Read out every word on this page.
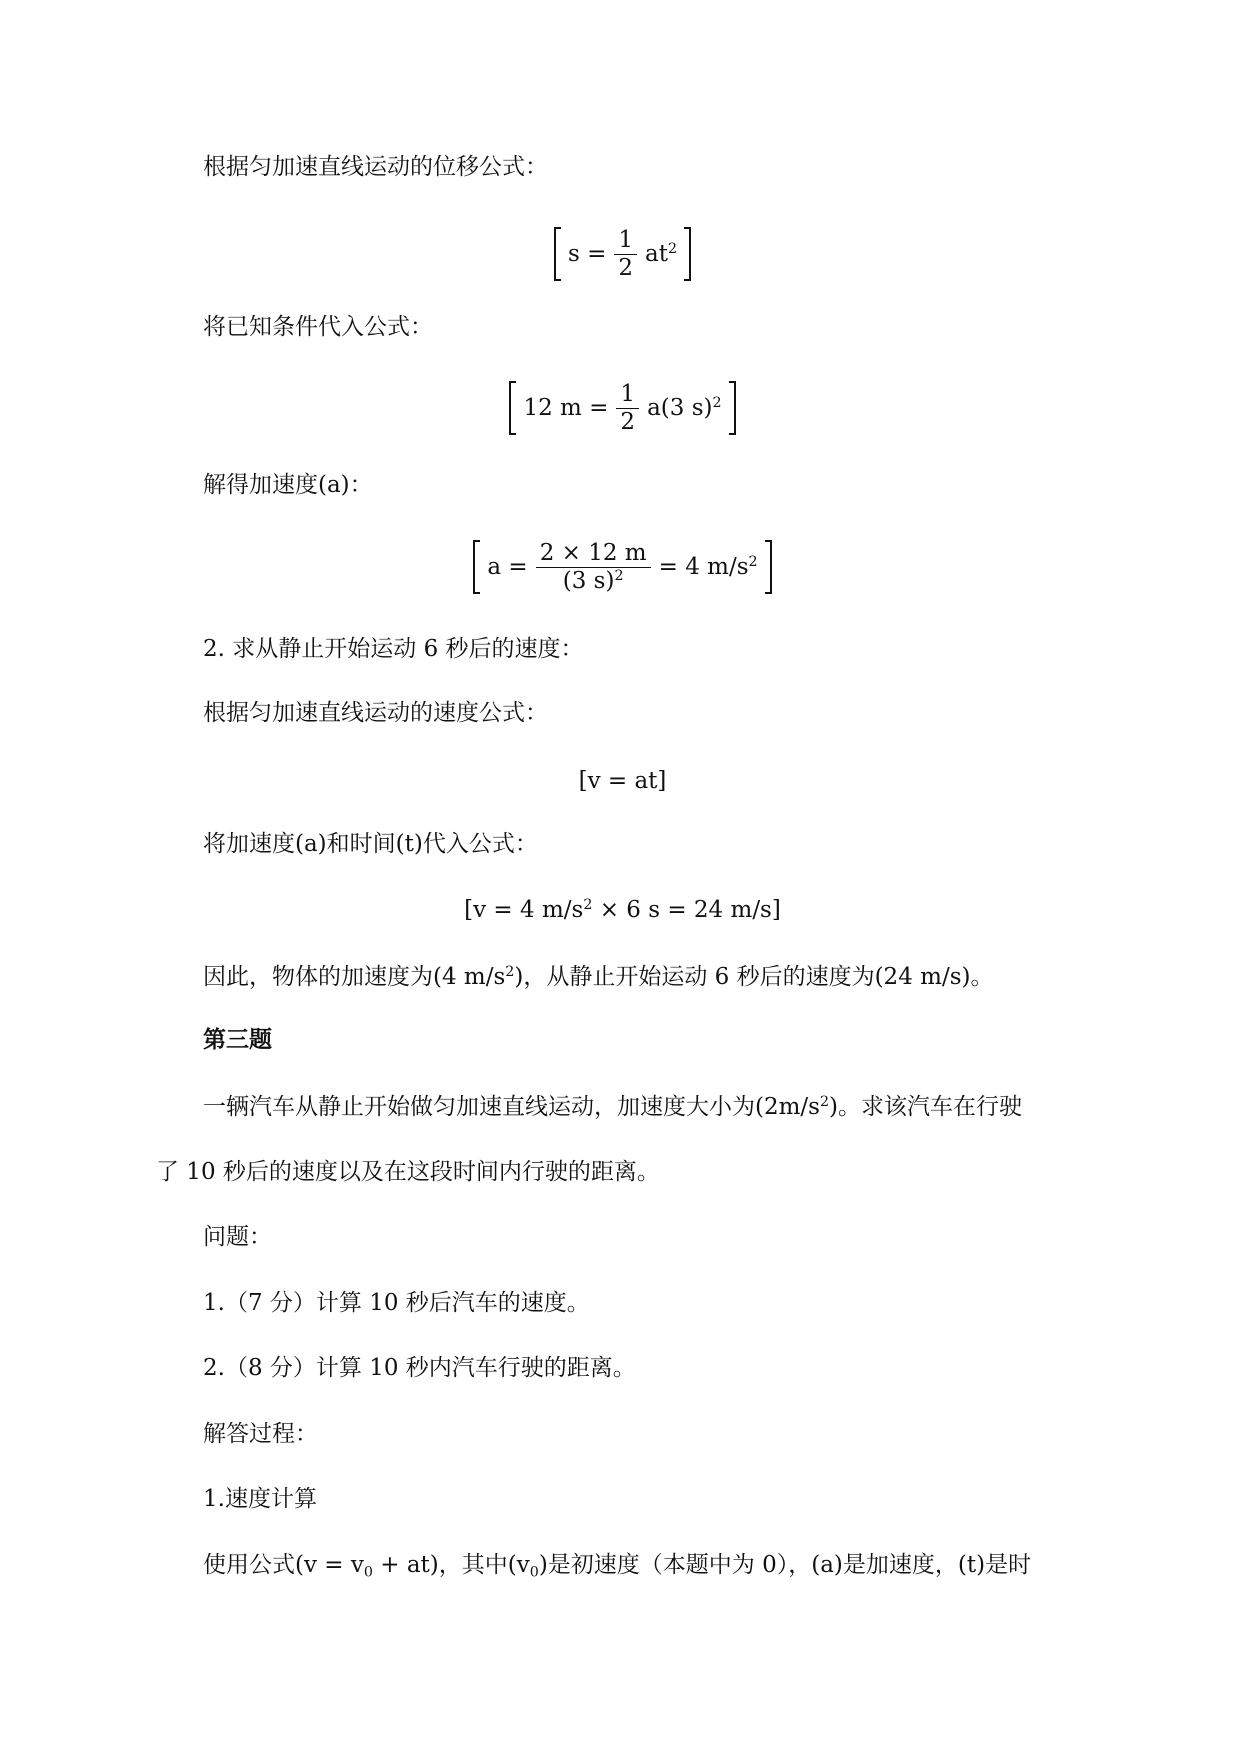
根据匀加速直线运动的位移公式：
$s = \frac{1}{2} at^2$
将已知条件代入公式：
12 $m = \frac{1}{2} a(3$ s)$^2$
解得加速度(a)：
$a = \frac{2 \times 12 m}{(3 s)^2} = 4$ $m/s^2$
2. 求从静止开始运动 6 秒后的速度：
根据匀加速直线运动的速度公式：
[v = at]
将加速度(a)和时间(t)代入公式：
[v = 4 $m/s^2 \times 6$ s = 24 m/s]
因此，物体的加速度为(4 $m/s^2$)，从静止开始运动 6 秒后的速度为(24 m/s)。
第三题
一辆汽车从静止开始做匀加速直线运动，加速度大小为$(2m/s^2)$。求该汽车在行驶
了 10 秒后的速度以及在这段时间内行驶的距离。
问题：
1.（7 分）计算 10 秒后汽车的速度。
2.（8 分）计算 10 秒内汽车行驶的距离。
解答过程：
1.速度计算
使用公式$(v = v_0 + at)$，其中$(v_0)$是初速度（本题中为 0），(a)是加速度，(t)是时
